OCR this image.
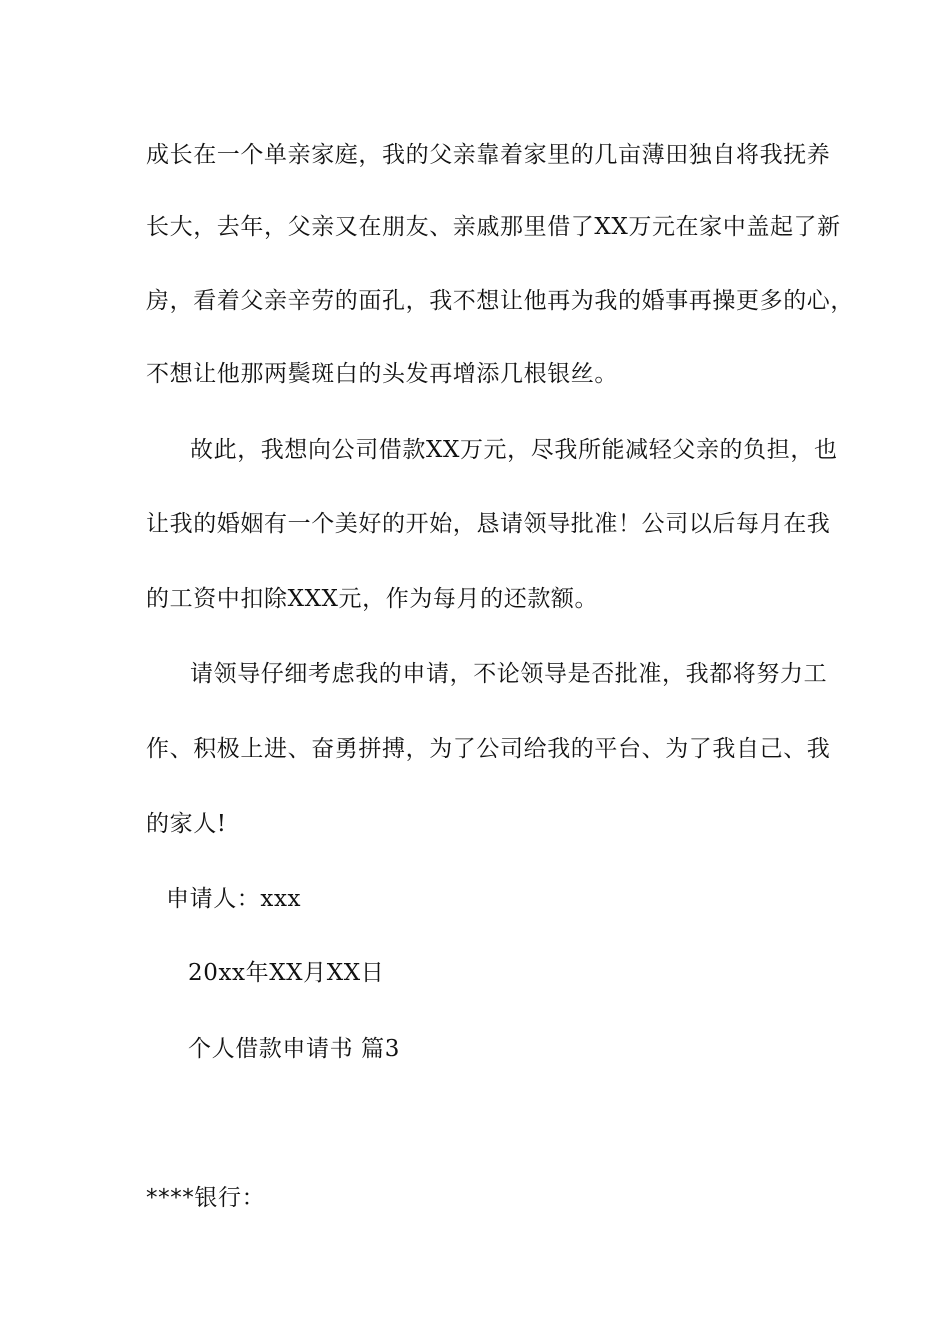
成长在一个单亲家庭，我的父亲靠着家里的几亩薄田独自将我抚养
长大，去年，父亲又在朋友、亲戚那里借了XX万元在家中盖起了新
房，看着父亲辛劳的面孔，我不想让他再为我的婚事再操更多的心，
不想让他那两鬓斑白的头发再增添几根银丝。
故此，我想向公司借款XX万元，尽我所能减轻父亲的负担，也
让我的婚姻有一个美好的开始，恳请领导批准！公司以后每月在我
的工资中扣除XXX元，作为每月的还款额。
请领导仔细考虑我的申请，不论领导是否批准，我都将努力工
作、积极上进、奋勇拼搏，为了公司给我的平台、为了我自己、我
的家人!
申请人：xxx
20xx年XX月XX日
个人借款申请书 篇3
****银行：
